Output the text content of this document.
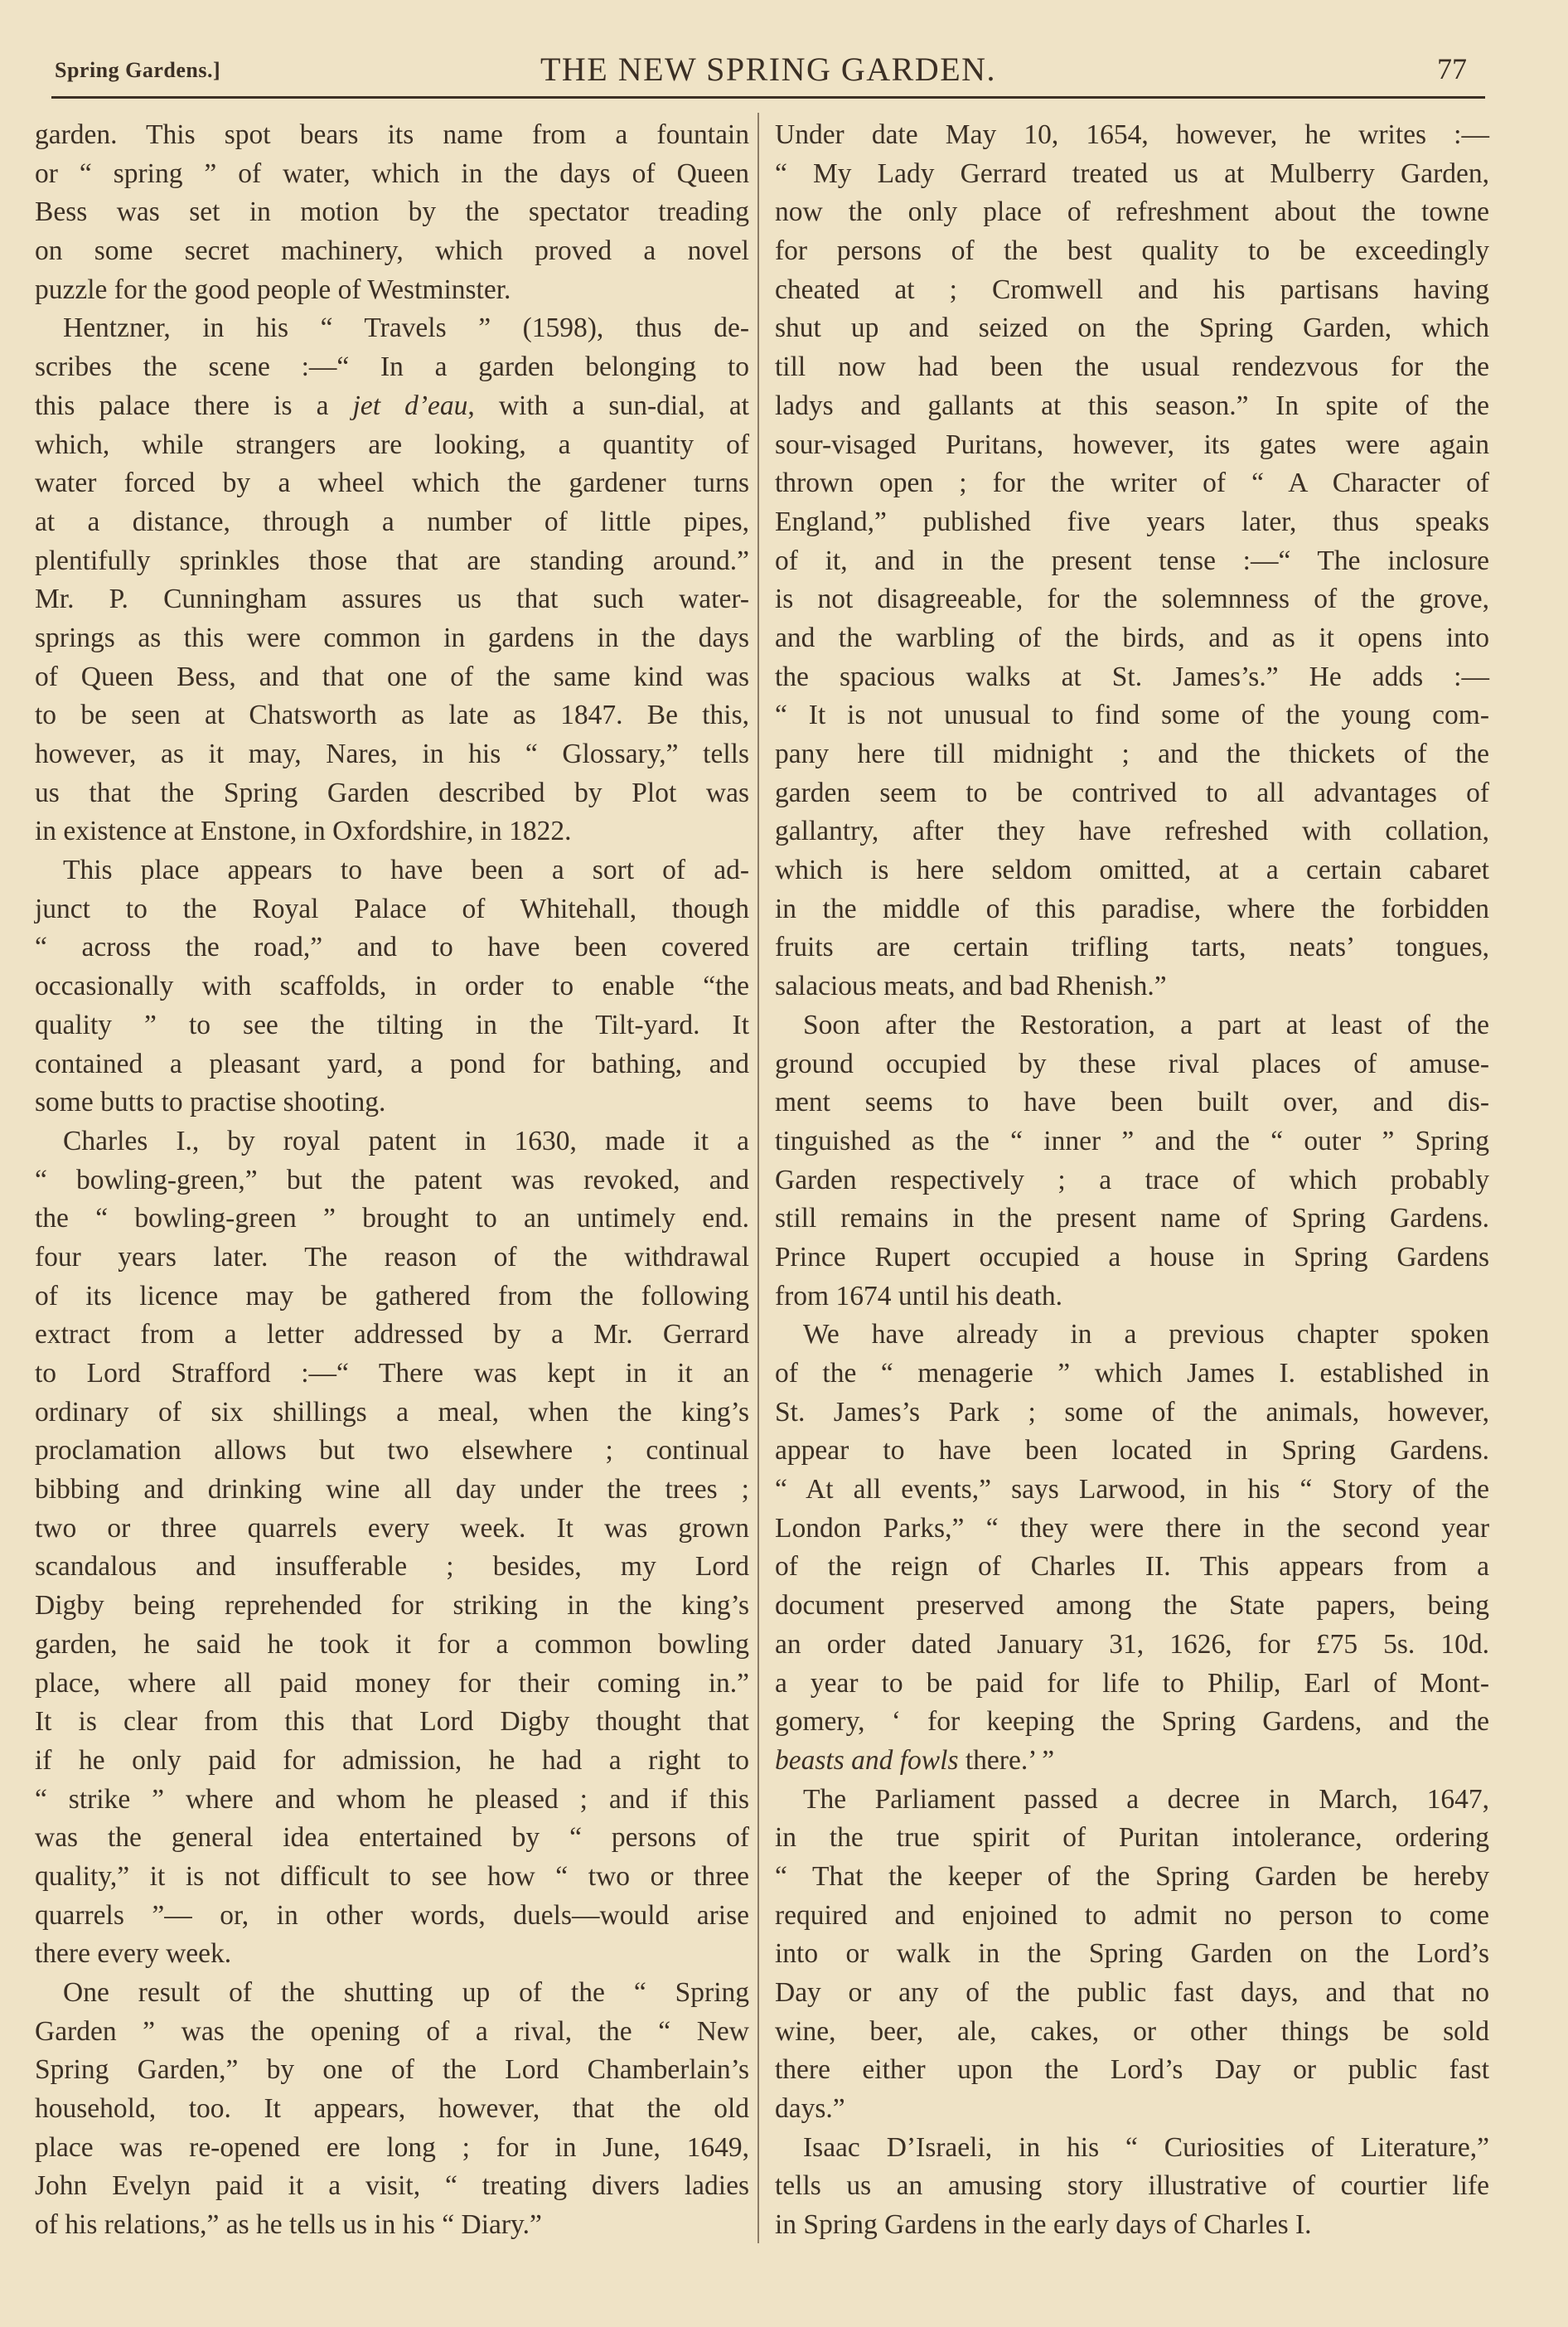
Spring Gardens.]	THE NEW SPRING GARDEN.	77
garden. This spot bears its name from a fountain
or “ spring ” of water, which in the days of Queen
Bess was set in motion by the spectator treading
on some secret machinery, which proved a novel
puzzle for the good people of Westminster.
Hentzner, in his “ Travels ” (1598), thus de-
scribes the scene :—“ In a garden belonging to
this palace there is a jet d’eau, with a sun-dial, at
which, while strangers are looking, a quantity of
water forced by a wheel which the gardener turns
at a distance, through a number of little pipes,
plentifully sprinkles those that are standing around.”
Mr. P. Cunningham assures us that such water-
springs as this were common in gardens in the days
of Queen Bess, and that one of the same kind was
to be seen at Chatsworth as late as 1847. Be this,
however, as it may, Nares, in his “ Glossary,” tells
us that the Spring Garden described by Plot was
in existence at Enstone, in Oxfordshire, in 1822.
This place appears to have been a sort of ad-
junct to the Royal Palace of Whitehall, though
“ across the road,” and to have been covered
occasionally with scaffolds, in order to enable “the
quality ” to see the tilting in the Tilt-yard. It
contained a pleasant yard, a pond for bathing, and
some butts to practise shooting.
Charles I., by royal patent in 1630, made it a
“ bowling-green,” but the patent was revoked, and
the “ bowling-green ” brought to an untimely end.
four years later. The reason of the withdrawal
of its licence may be gathered from the following
extract from a letter addressed by a Mr. Gerrard
to Lord Strafford :—“ There was kept in it an
ordinary of six shillings a meal, when the king’s
proclamation allows but two elsewhere ; continual
bibbing and drinking wine all day under the trees ;
two or three quarrels every week. It was grown
scandalous and insufferable ; besides, my Lord
Digby being reprehended for striking in the king’s
garden, he said he took it for a common bowling
place, where all paid money for their coming in.”
It is clear from this that Lord Digby thought that
if he only paid for admission, he had a right to
“ strike ” where and whom he pleased ; and if this
was the general idea entertained by “ persons of
quality,” it is not difficult to see how “ two or three
quarrels ”— or, in other words, duels—would arise
there every week.
One result of the shutting up of the “ Spring
Garden ” was the opening of a rival, the “ New
Spring Garden,” by one of the Lord Chamberlain’s
household, too. It appears, however, that the old
place was re-opened ere long ; for in June, 1649,
John Evelyn paid it a visit, “ treating divers ladies
of his relations,” as he tells us in his “ Diary.”
Under date May 10, 1654, however, he writes :—
“ My Lady Gerrard treated us at Mulberry Garden,
now the only place of refreshment about the towne
for persons of the best quality to be exceedingly
cheated at ; Cromwell and his partisans having
shut up and seized on the Spring Garden, which
till now had been the usual rendezvous for the
ladys and gallants at this season.” In spite of the
sour-visaged Puritans, however, its gates were again
thrown open ; for the writer of “ A Character of
England,” published five years later, thus speaks
of it, and in the present tense :—“ The inclosure
is not disagreeable, for the solemnness of the grove,
and the warbling of the birds, and as it opens into
the spacious walks at St. James’s.” He adds :—
“ It is not unusual to find some of the young com-
pany here till midnight ; and the thickets of the
garden seem to be contrived to all advantages of
gallantry, after they have refreshed with collation,
which is here seldom omitted, at a certain cabaret
in the middle of this paradise, where the forbidden
fruits are certain trifling tarts, neats’ tongues,
salacious meats, and bad Rhenish.”
Soon after the Restoration, a part at least of the
ground occupied by these rival places of amuse-
ment seems to have been built over, and dis-
tinguished as the “ inner ” and the “ outer ” Spring
Garden respectively ; a trace of which probably
still remains in the present name of Spring Gardens.
Prince Rupert occupied a house in Spring Gardens
from 1674 until his death.
We have already in a previous chapter spoken
of the “ menagerie ” which James I. established in
St. James’s Park ; some of the animals, however,
appear to have been located in Spring Gardens.
“ At all events,” says Larwood, in his “ Story of the
London Parks,” “ they were there in the second year
of the reign of Charles II. This appears from a
document preserved among the State papers, being
an order dated January 31, 1626, for £75 5s. 10d.
a year to be paid for life to Philip, Earl of Mont-
gomery, ‘ for keeping the Spring Gardens, and the
beasts and fowls there.’ ”
The Parliament passed a decree in March, 1647,
in the true spirit of Puritan intolerance, ordering
“ That the keeper of the Spring Garden be hereby
required and enjoined to admit no person to come
into or walk in the Spring Garden on the Lord’s
Day or any of the public fast days, and that no
wine, beer, ale, cakes, or other things be sold
there either upon the Lord’s Day or public fast
days.”
Isaac D’Israeli, in his “ Curiosities of Literature,”
tells us an amusing story illustrative of courtier life
in Spring Gardens in the early days of Charles I.
